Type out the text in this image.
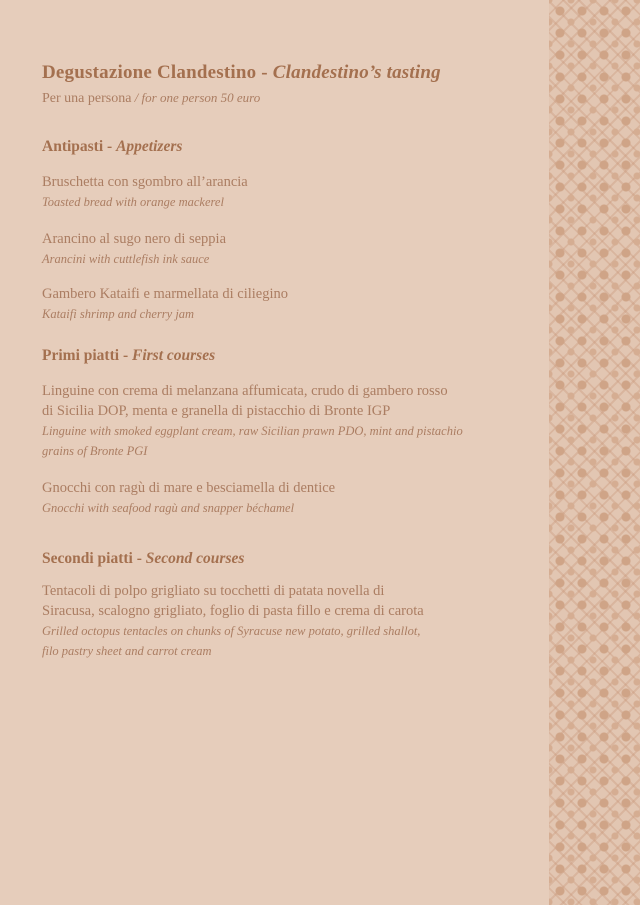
Degustazione Clandestino - Clandestino’s tasting
Per una persona / for one person 50 euro
Antipasti - Appetizers
Bruschetta con sgombro all’arancia
Toasted bread with orange mackerel
Arancino al sugo nero di seppia
Arancini with cuttlefish ink sauce
Gambero Kataifi e marmellata di ciliegino
Kataifi shrimp and cherry jam
Primi piatti - First courses
Linguine con crema di melanzana affumicata, crudo di gambero rosso
di Sicilia DOP, menta e granella di pistacchio di Bronte IGP
Linguine with smoked eggplant cream, raw Sicilian prawn PDO, mint and pistachio
grains of Bronte PGI
Gnocchi con ragù di mare e besciamella di dentice
Gnocchi with seafood ragù and snapper béchamel
Secondi piatti - Second courses
Tentacoli di polpo grigliato su tocchetti di patata novella di
Siracusa, scalogno grigliato, foglio di pasta fillo e crema di carota
Grilled octopus tentacles on chunks of Syracuse new potato, grilled shallot,
filo pastry sheet and carrot cream
